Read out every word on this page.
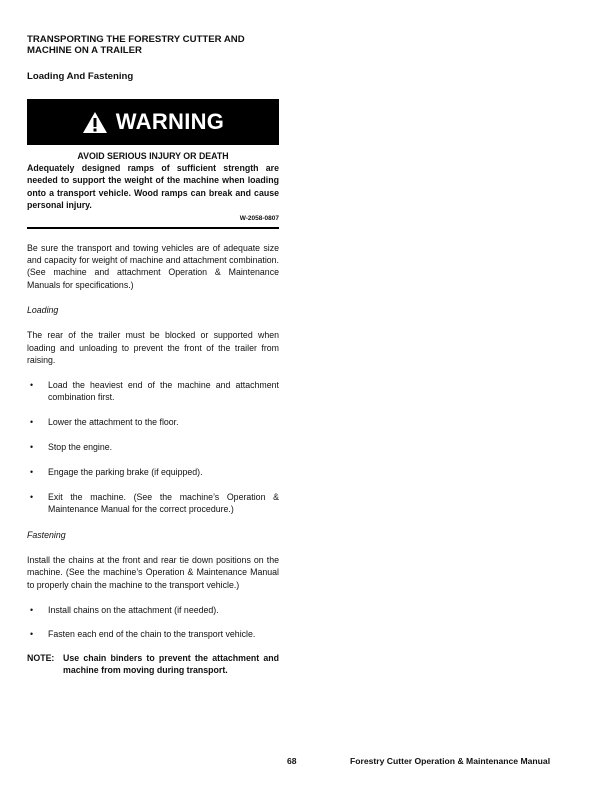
TRANSPORTING THE FORESTRY CUTTER AND MACHINE ON A TRAILER
Loading And Fastening
WARNING
AVOID SERIOUS INJURY OR DEATH

Adequately designed ramps of sufficient strength are needed to support the weight of the machine when loading onto a transport vehicle. Wood ramps can break and cause personal injury.

W-2058-0807

Be sure the transport and towing vehicles are of adequate size and capacity for weight of machine and attachment combination. (See machine and attachment Operation & Maintenance Manuals for specifications.)

Loading

The rear of the trailer must be blocked or supported when loading and unloading to prevent the front of the trailer from raising.

•	Load the heaviest end of the machine and attachment combination first.
•	Lower the attachment to the floor.
•	Stop the engine.
•	Engage the parking brake (if equipped).
•	Exit the machine. (See the machine’s Operation & Maintenance Manual for the correct procedure.)

Fastening

Install the chains at the front and rear tie down positions on the machine. (See the machine’s Operation & Maintenance Manual to properly chain the machine to the transport vehicle.)

•	Install chains on the attachment (if needed).
•	Fasten each end of the chain to the transport vehicle.
NOTE: Use chain binders to prevent the attachment and machine from moving during transport.
68	Forestry Cutter Operation & Maintenance Manual
